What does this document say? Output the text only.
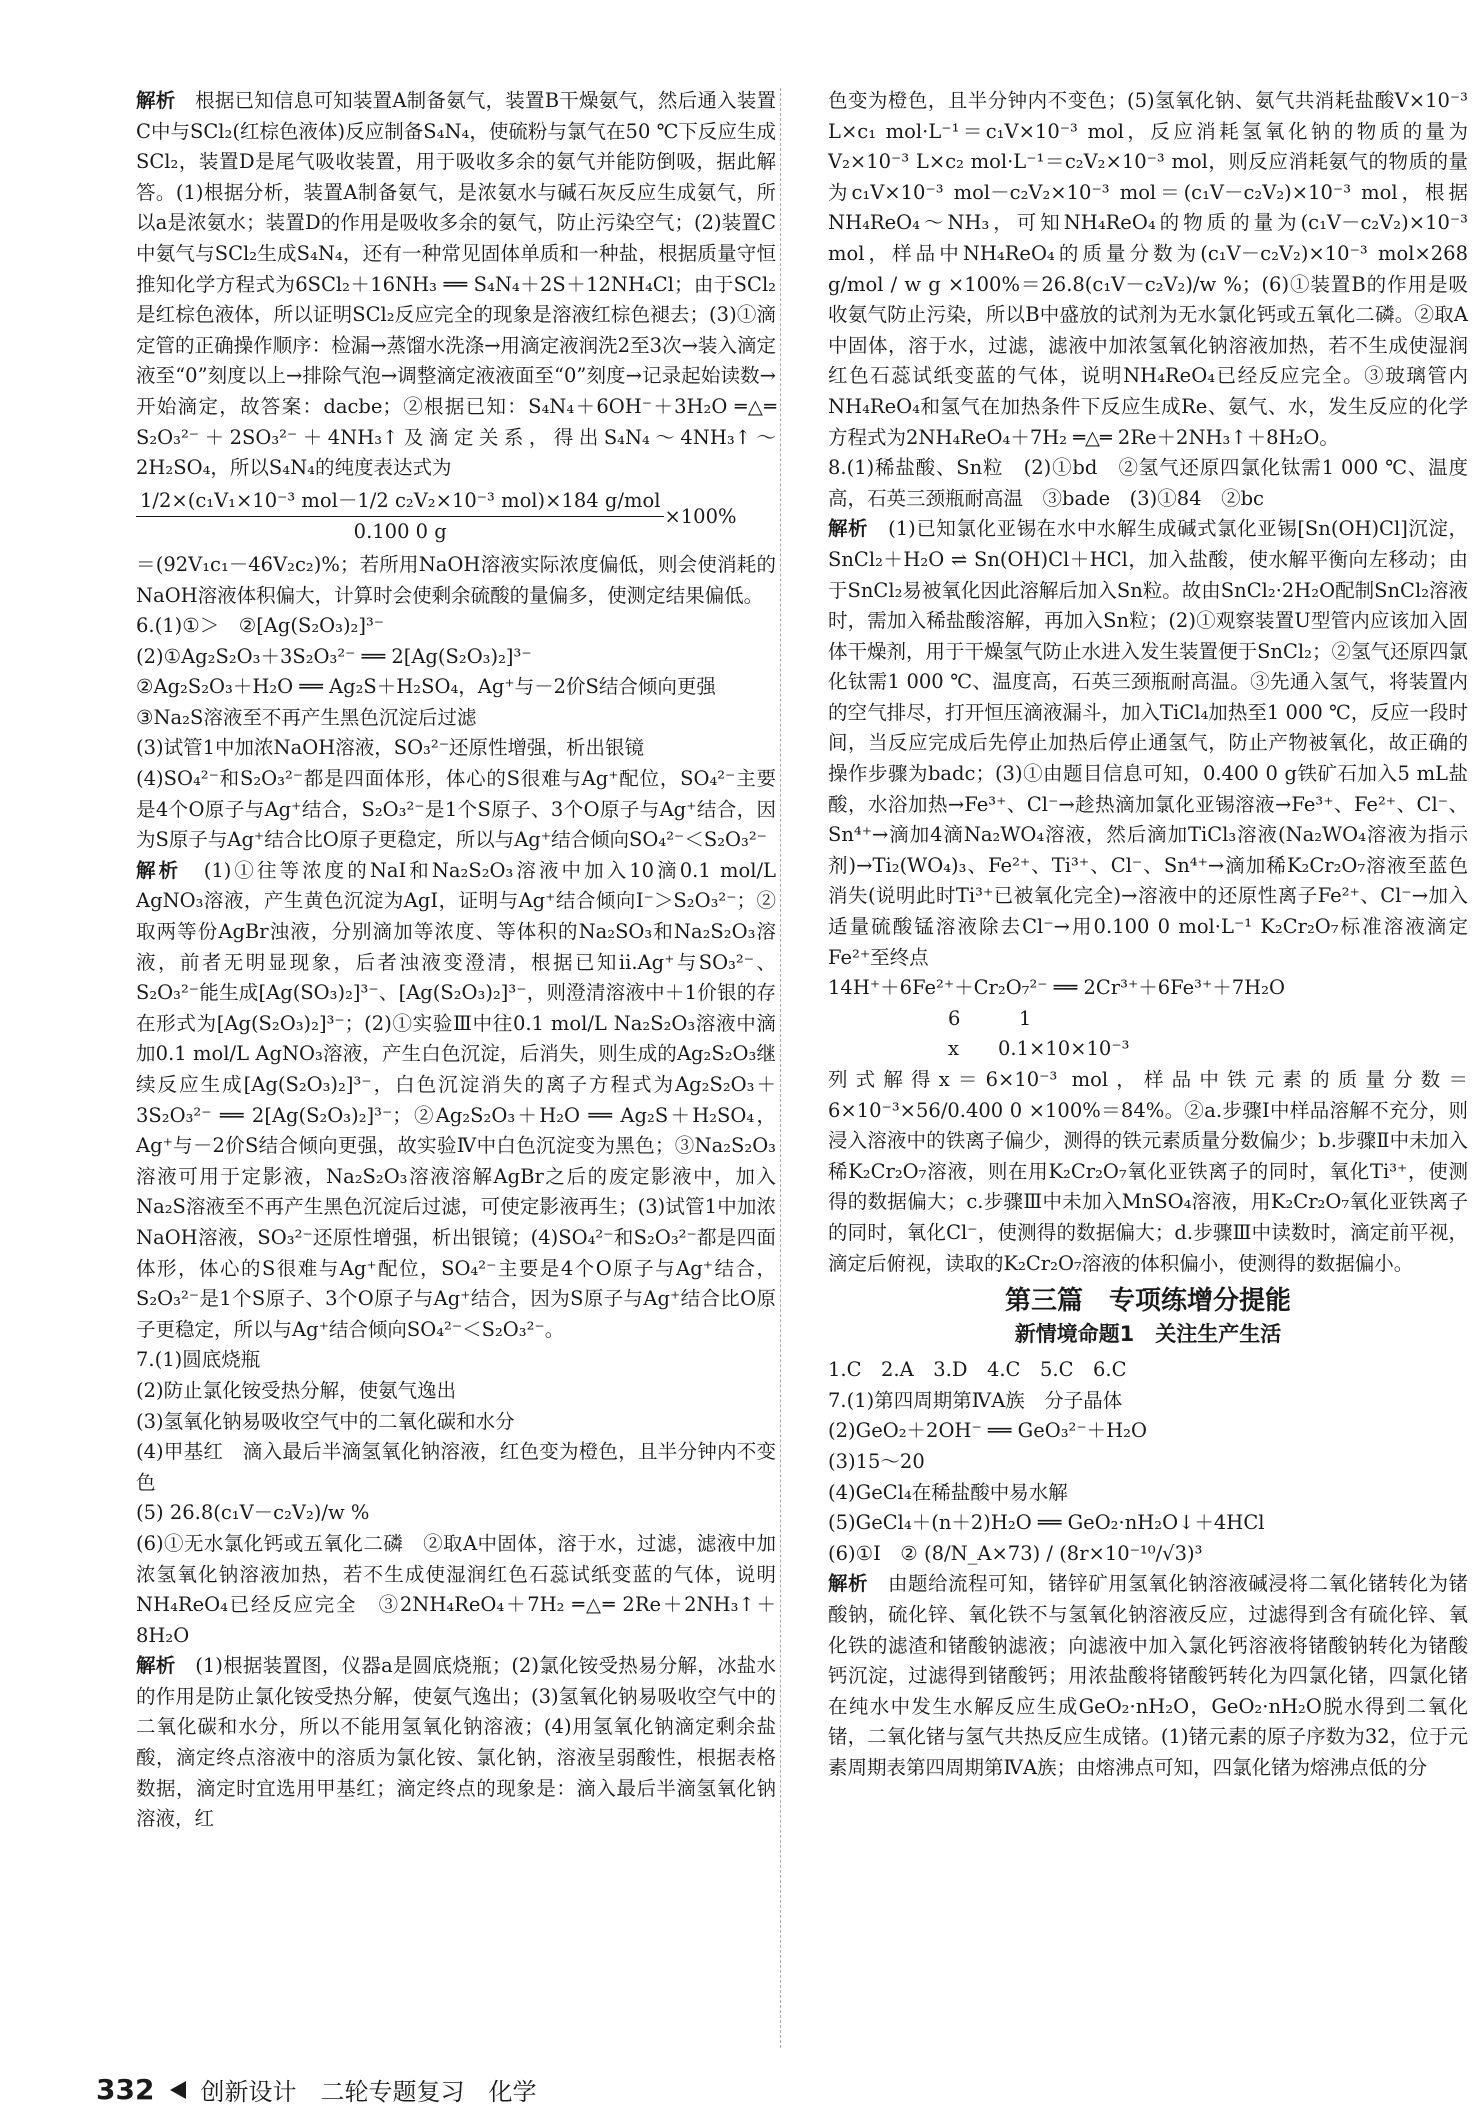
解析　根据已知信息可知装置A制备氨气，装置B干燥氨气，然后通入装置C中与SCl₂(红棕色液体)反应制备S₄N₄，使硫粉与氯气在50 ℃下反应生成SCl₂，装置D是尾气吸收装置，用于吸收多余的氨气并能防倒吸，据此解答。(1)根据分析，装置A制备氨气，是浓氨水与碱石灰反应生成氨气，所以a是浓氨水；装置D的作用是吸收多余的氨气，防止污染空气；(2)装置C中氨气与SCl₂生成S₄N₄，还有一种常见固体单质和一种盐，根据质量守恒推知化学方程式为6SCl₂＋16NH₃ ══ S₄N₄＋2S＋12NH₄Cl；由于SCl₂是红棕色液体，所以证明SCl₂反应完全的现象是溶液红棕色褪去；(3)①滴定管的正确操作顺序：检漏→蒸馏水洗涤→用滴定液润洗2至3次→装入滴定液至“0”刻度以上→排除气泡→调整滴定液液面至“0”刻度→记录起始读数→开始滴定，故答案：dacbe；②根据已知：S₄N₄＋6OH⁻＋3H₂O ═△═ S₂O₃²⁻＋2SO₃²⁻＋4NH₃↑及滴定关系，得出S₄N₄～4NH₃↑～2H₂SO₄，所以S₄N₄的纯度表达式为

1/2×(c₁V₁×10⁻³ mol－1/2 c₂V₂×10⁻³ mol)×184 g/mol
0.100 0 g
×100%

＝(92V₁c₁－46V₂c₂)%；若所用NaOH溶液实际浓度偏低，则会使消耗的NaOH溶液体积偏大，计算时会使剩余硫酸的量偏多，使测定结果偏低。

6.(1)①＞　②[Ag(S₂O₃)₂]³⁻

(2)①Ag₂S₂O₃＋3S₂O₃²⁻ ══ 2[Ag(S₂O₃)₂]³⁻

②Ag₂S₂O₃＋H₂O ══ Ag₂S＋H₂SO₄，Ag⁺与－2价S结合倾向更强

③Na₂S溶液至不再产生黑色沉淀后过滤

(3)试管1中加浓NaOH溶液，SO₃²⁻还原性增强，析出银镜

(4)SO₄²⁻和S₂O₃²⁻都是四面体形，体心的S很难与Ag⁺配位，SO₄²⁻主要是4个O原子与Ag⁺结合，S₂O₃²⁻是1个S原子、3个O原子与Ag⁺结合，因为S原子与Ag⁺结合比O原子更稳定，所以与Ag⁺结合倾向SO₄²⁻＜S₂O₃²⁻

解析　(1)①往等浓度的NaI和Na₂S₂O₃溶液中加入10滴0.1 mol/L AgNO₃溶液，产生黄色沉淀为AgI，证明与Ag⁺结合倾向I⁻＞S₂O₃²⁻；②取两等份AgBr浊液，分别滴加等浓度、等体积的Na₂SO₃和Na₂S₂O₃溶液，前者无明显现象，后者浊液变澄清，根据已知ii.Ag⁺与SO₃²⁻、S₂O₃²⁻能生成[Ag(SO₃)₂]³⁻、[Ag(S₂O₃)₂]³⁻，则澄清溶液中＋1价银的存在形式为[Ag(S₂O₃)₂]³⁻；(2)①实验Ⅲ中往0.1 mol/L Na₂S₂O₃溶液中滴加0.1 mol/L AgNO₃溶液，产生白色沉淀，后消失，则生成的Ag₂S₂O₃继续反应生成[Ag(S₂O₃)₂]³⁻，白色沉淀消失的离子方程式为Ag₂S₂O₃＋3S₂O₃²⁻ ══ 2[Ag(S₂O₃)₂]³⁻；②Ag₂S₂O₃＋H₂O ══ Ag₂S＋H₂SO₄，Ag⁺与－2价S结合倾向更强，故实验Ⅳ中白色沉淀变为黑色；③Na₂S₂O₃溶液可用于定影液，Na₂S₂O₃溶液溶解AgBr之后的废定影液中，加入Na₂S溶液至不再产生黑色沉淀后过滤，可使定影液再生；(3)试管1中加浓NaOH溶液，SO₃²⁻还原性增强，析出银镜；(4)SO₄²⁻和S₂O₃²⁻都是四面体形，体心的S很难与Ag⁺配位，SO₄²⁻主要是4个O原子与Ag⁺结合，S₂O₃²⁻是1个S原子、3个O原子与Ag⁺结合，因为S原子与Ag⁺结合比O原子更稳定，所以与Ag⁺结合倾向SO₄²⁻＜S₂O₃²⁻。

7.(1)圆底烧瓶

(2)防止氯化铵受热分解，使氨气逸出

(3)氢氧化钠易吸收空气中的二氧化碳和水分

(4)甲基红　滴入最后半滴氢氧化钠溶液，红色变为橙色，且半分钟内不变色

(5) 26.8(c₁V－c₂V₂)/w %

(6)①无水氯化钙或五氧化二磷　②取A中固体，溶于水，过滤，滤液中加浓氢氧化钠溶液加热，若不生成使湿润红色石蕊试纸变蓝的气体，说明NH₄ReO₄已经反应完全　③2NH₄ReO₄＋7H₂ ═△═ 2Re＋2NH₃↑＋8H₂O

解析　(1)根据装置图，仪器a是圆底烧瓶；(2)氯化铵受热易分解，冰盐水的作用是防止氯化铵受热分解，使氨气逸出；(3)氢氧化钠易吸收空气中的二氧化碳和水分，所以不能用氢氧化钠溶液；(4)用氢氧化钠滴定剩余盐酸，滴定终点溶液中的溶质为氯化铵、氯化钠，溶液呈弱酸性，根据表格数据，滴定时宜选用甲基红；滴定终点的现象是：滴入最后半滴氢氧化钠溶液，红

色变为橙色，且半分钟内不变色；(5)氢氧化钠、氨气共消耗盐酸V×10⁻³ L×c₁ mol·L⁻¹＝c₁V×10⁻³ mol，反应消耗氢氧化钠的物质的量为V₂×10⁻³ L×c₂ mol·L⁻¹＝c₂V₂×10⁻³ mol，则反应消耗氨气的物质的量为c₁V×10⁻³ mol－c₂V₂×10⁻³ mol＝(c₁V－c₂V₂)×10⁻³ mol，根据NH₄ReO₄～NH₃，可知NH₄ReO₄的物质的量为(c₁V－c₂V₂)×10⁻³ mol，样品中NH₄ReO₄的质量分数为(c₁V－c₂V₂)×10⁻³ mol×268 g/mol / w g ×100%＝26.8(c₁V－c₂V₂)/w %；(6)①装置B的作用是吸收氨气防止污染，所以B中盛放的试剂为无水氯化钙或五氧化二磷。②取A中固体，溶于水，过滤，滤液中加浓氢氧化钠溶液加热，若不生成使湿润红色石蕊试纸变蓝的气体，说明NH₄ReO₄已经反应完全。③玻璃管内NH₄ReO₄和氢气在加热条件下反应生成Re、氨气、水，发生反应的化学方程式为2NH₄ReO₄＋7H₂ ═△═ 2Re＋2NH₃↑＋8H₂O。

8.(1)稀盐酸、Sn粒　(2)①bd　②氢气还原四氯化钛需1 000 ℃、温度高，石英三颈瓶耐高温　③bade　(3)①84　②bc

解析　(1)已知氯化亚锡在水中水解生成碱式氯化亚锡[Sn(OH)Cl]沉淀，SnCl₂＋H₂O ⇌ Sn(OH)Cl＋HCl，加入盐酸，使水解平衡向左移动；由于SnCl₂易被氧化因此溶解后加入Sn粒。故由SnCl₂·2H₂O配制SnCl₂溶液时，需加入稀盐酸溶解，再加入Sn粒；(2)①观察装置U型管内应该加入固体干燥剂，用于干燥氢气防止水进入发生装置便于SnCl₂；②氢气还原四氯化钛需1 000 ℃、温度高，石英三颈瓶耐高温。③先通入氢气，将装置内的空气排尽，打开恒压滴液漏斗，加入TiCl₄加热至1 000 ℃，反应一段时间，当反应完成后先停止加热后停止通氢气，防止产物被氧化，故正确的操作步骤为badc；(3)①由题目信息可知，0.400 0 g铁矿石加入5 mL盐酸，水浴加热→Fe³⁺、Cl⁻→趁热滴加氯化亚锡溶液→Fe³⁺、Fe²⁺、Cl⁻、Sn⁴⁺→滴加4滴Na₂WO₄溶液，然后滴加TiCl₃溶液(Na₂WO₄溶液为指示剂)→Ti₂(WO₄)₃、Fe²⁺、Ti³⁺、Cl⁻、Sn⁴⁺→滴加稀K₂Cr₂O₇溶液至蓝色消失(说明此时Ti³⁺已被氧化完全)→溶液中的还原性离子Fe²⁺、Cl⁻→加入适量硫酸锰溶液除去Cl⁻→用0.100 0 mol·L⁻¹ K₂Cr₂O₇标准溶液滴定Fe²⁺至终点

14H⁺＋6Fe²⁺＋Cr₂O₇²⁻ ══ 2Cr³⁺＋6Fe³⁺＋7H₂O

6　　　1

x　　0.1×10×10⁻³

列式解得x＝6×10⁻³ mol，样品中铁元素的质量分数＝6×10⁻³×56/0.400 0 ×100%＝84%。②a.步骤Ⅰ中样品溶解不充分，则浸入溶液中的铁离子偏少，测得的铁元素质量分数偏少；b.步骤Ⅱ中未加入稀K₂Cr₂O₇溶液，则在用K₂Cr₂O₇氧化亚铁离子的同时，氧化Ti³⁺，使测得的数据偏大；c.步骤Ⅲ中未加入MnSO₄溶液，用K₂Cr₂O₇氧化亚铁离子的同时，氧化Cl⁻，使测得的数据偏大；d.步骤Ⅲ中读数时，滴定前平视，滴定后俯视，读取的K₂Cr₂O₇溶液的体积偏小，使测得的数据偏小。

第三篇　专项练增分提能
新情境命题1　关注生产生活

1.C　2.A　3.D　4.C　5.C　6.C

7.(1)第四周期第ⅣA族　分子晶体

(2)GeO₂＋2OH⁻ ══ GeO₃²⁻＋H₂O

(3)15～20

(4)GeCl₄在稀盐酸中易水解

(5)GeCl₄＋(n＋2)H₂O ══ GeO₂·nH₂O↓＋4HCl

(6)①I　② (8/N_A×73) / (8r×10⁻¹⁰/√3)³

解析　由题给流程可知，锗锌矿用氢氧化钠溶液碱浸将二氧化锗转化为锗酸钠，硫化锌、氧化铁不与氢氧化钠溶液反应，过滤得到含有硫化锌、氧化铁的滤渣和锗酸钠滤液；向滤液中加入氯化钙溶液将锗酸钠转化为锗酸钙沉淀，过滤得到锗酸钙；用浓盐酸将锗酸钙转化为四氯化锗，四氯化锗在纯水中发生水解反应生成GeO₂·nH₂O，GeO₂·nH₂O脱水得到二氧化锗，二氧化锗与氢气共热反应生成锗。(1)锗元素的原子序数为32，位于元素周期表第四周期第ⅣA族；由熔沸点可知，四氯化锗为熔沸点低的分

332 创新设计　二轮专题复习　化学
